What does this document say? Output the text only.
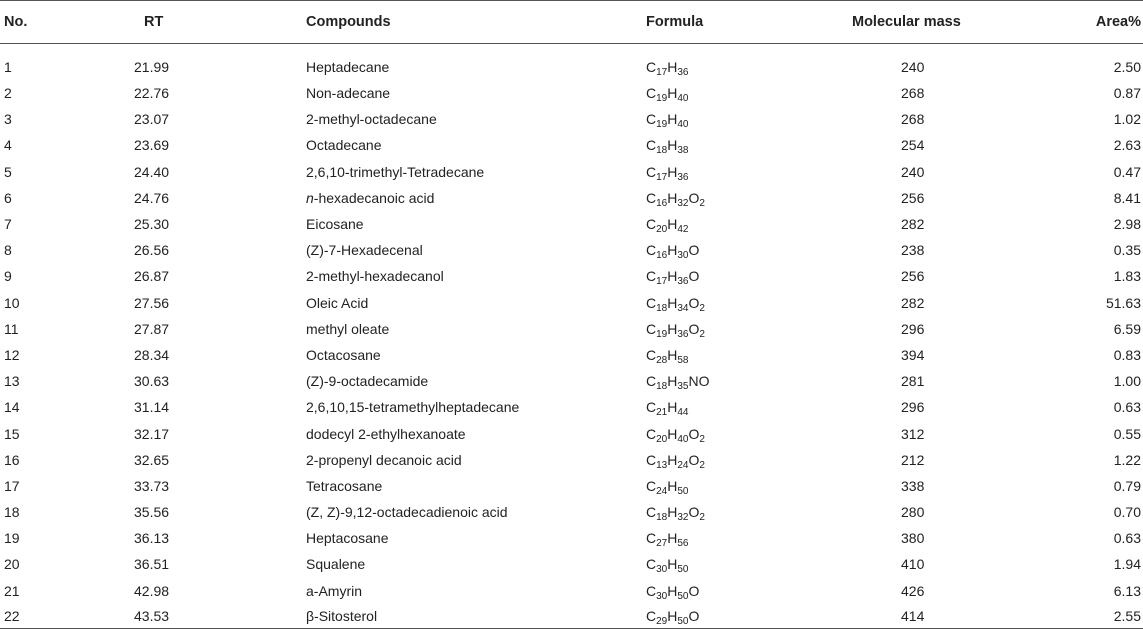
No.	RT	Compounds	Formula	Molecular mass	Area%
1	21.99	Heptadecane	$C_{17}H_{36}$	240	2.50
2	22.76	Non-adecane	$C_{19}H_{40}$	268	0.87
3	23.07	2-methyl-octadecane	$C_{19}H_{40}$	268	1.02
4	23.69	Octadecane	$C_{18}H_{38}$	254	2.63
5	24.40	2,6,10-trimethyl-Tetradecane	$C_{17}H_{36}$	240	0.47
6	24.76	n-hexadecanoic acid	$C_{16}H_{32}O_2$	256	8.41
7	25.30	Eicosane	$C_{20}H_{42}$	282	2.98
8	26.56	(Z)-7-Hexadecenal	$C_{16}H_{30}O$	238	0.35
9	26.87	2-methyl-hexadecanol	$C_{17}H_{36}O$	256	1.83
10	27.56	Oleic Acid	$C_{18}H_{34}O_2$	282	51.63
11	27.87	methyl oleate	$C_{19}H_{36}O_2$	296	6.59
12	28.34	Octacosane	$C_{28}H_{58}$	394	0.83
13	30.63	(Z)-9-octadecamide	$C_{18}H_{35}NO$	281	1.00
14	31.14	2,6,10,15-tetramethylheptadecane	$C_{21}H_{44}$	296	0.63
15	32.17	dodecyl 2-ethylhexanoate	$C_{20}H_{40}O_2$	312	0.55
16	32.65	2-propenyl decanoic acid	$C_{13}H_{24}O_2$	212	1.22
17	33.73	Tetracosane	$C_{24}H_{50}$	338	0.79
18	35.56	(Z, Z)-9,12-octadecadienoic acid	$C_{18}H_{32}O_2$	280	0.70
19	36.13	Heptacosane	$C_{27}H_{56}$	380	0.63
20	36.51	Squalene	$C_{30}H_{50}$	410	1.94
21	42.98	a-Amyrin	$C_{30}H_{50}O$	426	6.13
22	43.53	β-Sitosterol	$C_{29}H_{50}O$	414	2.55
